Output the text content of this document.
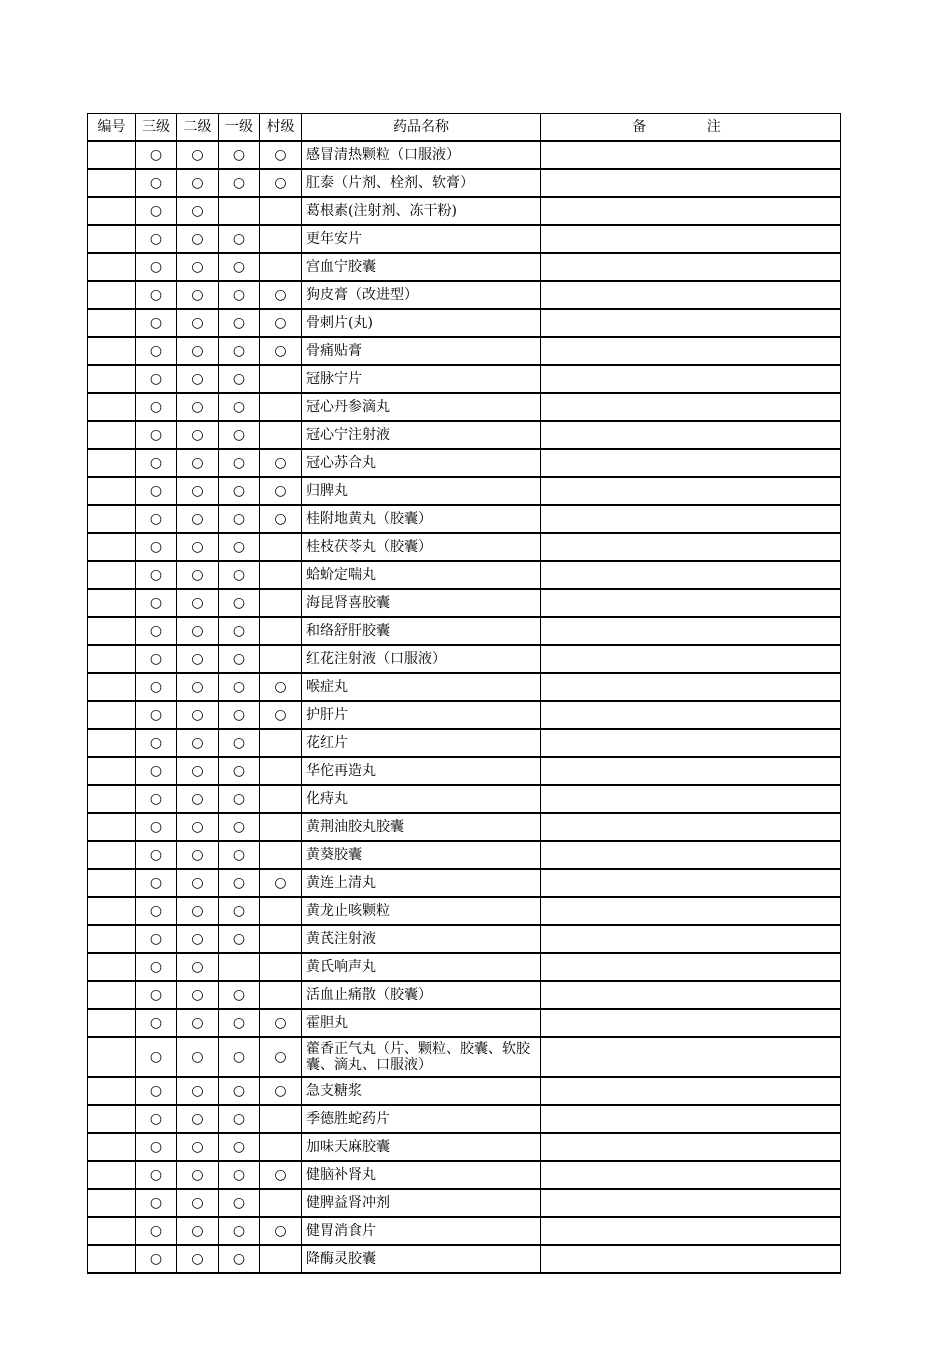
编号	三级	二级	一级	村级	药品名称	备 注
	○	○	○	○	感冒清热颗粒（口服液）	
	○	○	○	○	肛泰（片剂、栓剂、软膏）	
	○	○			葛根素(注射剂、冻干粉)	
	○	○	○		更年安片	
	○	○	○		宫血宁胶囊	
	○	○	○	○	狗皮膏（改进型）	
	○	○	○	○	骨刺片(丸)	
	○	○	○	○	骨痛贴膏	
	○	○	○		冠脉宁片	
	○	○	○		冠心丹参滴丸	
	○	○	○		冠心宁注射液	
	○	○	○	○	冠心苏合丸	
	○	○	○	○	归脾丸	
	○	○	○	○	桂附地黄丸（胶囊）	
	○	○	○		桂枝茯苓丸（胶囊）	
	○	○	○		蛤蚧定喘丸	
	○	○	○		海昆肾喜胶囊	
	○	○	○		和络舒肝胶囊	
	○	○	○		红花注射液（口服液）	
	○	○	○	○	喉症丸	
	○	○	○	○	护肝片	
	○	○	○		花红片	
	○	○	○		华佗再造丸	
	○	○	○		化痔丸	
	○	○	○		黄荆油胶丸胶囊	
	○	○	○		黄葵胶囊	
	○	○	○	○	黄连上清丸	
	○	○	○		黄龙止咳颗粒	
	○	○	○		黄芪注射液	
	○	○			黄氏响声丸	
	○	○	○		活血止痛散（胶囊）	
	○	○	○	○	霍胆丸	
	○	○	○	○	藿香正气丸（片、颗粒、胶囊、软胶囊、滴丸、口服液）	
	○	○	○	○	急支糖浆	
	○	○	○		季德胜蛇药片	
	○	○	○		加味天麻胶囊	
	○	○	○	○	健脑补肾丸	
	○	○	○		健脾益肾冲剂	
	○	○	○	○	健胃消食片	
	○	○	○		降酶灵胶囊	
